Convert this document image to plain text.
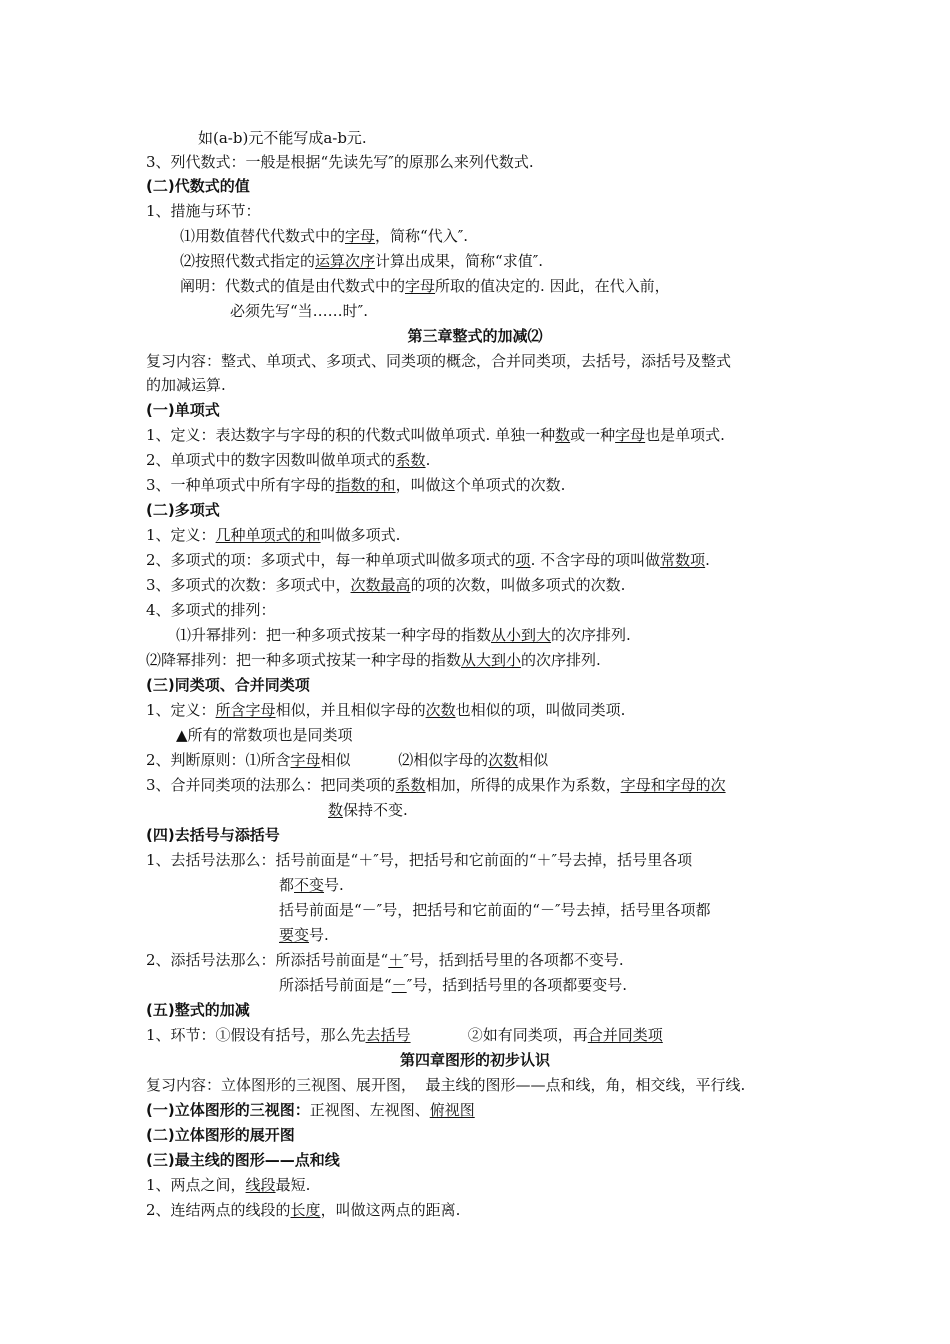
如(a-b)元不能写成a-b元.
3、列代数式：一般是根据“先读先写″的原那么来列代数式.
(二)代数式的值
1、措施与环节：
⑴用数值替代代数式中的字母，简称“代入″.
⑵按照代数式指定的运算次序计算出成果，简称“求值″.
阐明：代数式的值是由代数式中的字母所取的值决定的. 因此，在代入前，
必须先写“当……时″.
第三章整式的加减⑵
复习内容：整式、单项式、多项式、同类项的概念，合并同类项，去括号，添括号及整式
的加减运算.
(一)单项式
1、定义：表达数字与字母的积的代数式叫做单项式. 单独一种数或一种字母也是单项式.
2、单项式中的数字因数叫做单项式的系数.
3、一种单项式中所有字母的指数的和，叫做这个单项式的次数.
(二)多项式
1、定义：几种单项式的和叫做多项式.
2、多项式的项：多项式中，每一种单项式叫做多项式的项. 不含字母的项叫做常数项.
3、多项式的次数：多项式中，次数最高的项的次数，叫做多项式的次数.
4、多项式的排列：
⑴升幂排列：把一种多项式按某一种字母的指数从小到大的次序排列.
⑵降幂排列：把一种多项式按某一种字母的指数从大到小的次序排列.
(三)同类项、合并同类项
1、定义：所含字母相似，并且相似字母的次数也相似的项，叫做同类项.
▲所有的常数项也是同类项
2、判断原则：⑴所含字母相似          ⑵相似字母的次数相似
3、合并同类项的法那么：把同类项的系数相加，所得的成果作为系数，字母和字母的次
数保持不变.
(四)去括号与添括号
1、去括号法那么：括号前面是“＋″号，把括号和它前面的“＋″号去掉，括号里各项
都不变号.
括号前面是“－″号，把括号和它前面的“－″号去掉，括号里各项都
要变号.
2、添括号法那么：所添括号前面是“＋″号，括到括号里的各项都不变号.
所添括号前面是“－″号，括到括号里的各项都要变号.
(五)整式的加减
1、环节：①假设有括号，那么先去括号            ②如有同类项，再合并同类项
第四章图形的初步认识
复习内容：立体图形的三视图、展开图，  最主线的图形——点和线，角，相交线，平行线.
(一)立体图形的三视图：正视图、左视图、俯视图
(二)立体图形的展开图
(三)最主线的图形——点和线
1、两点之间，线段最短.
2、连结两点的线段的长度，叫做这两点的距离.
